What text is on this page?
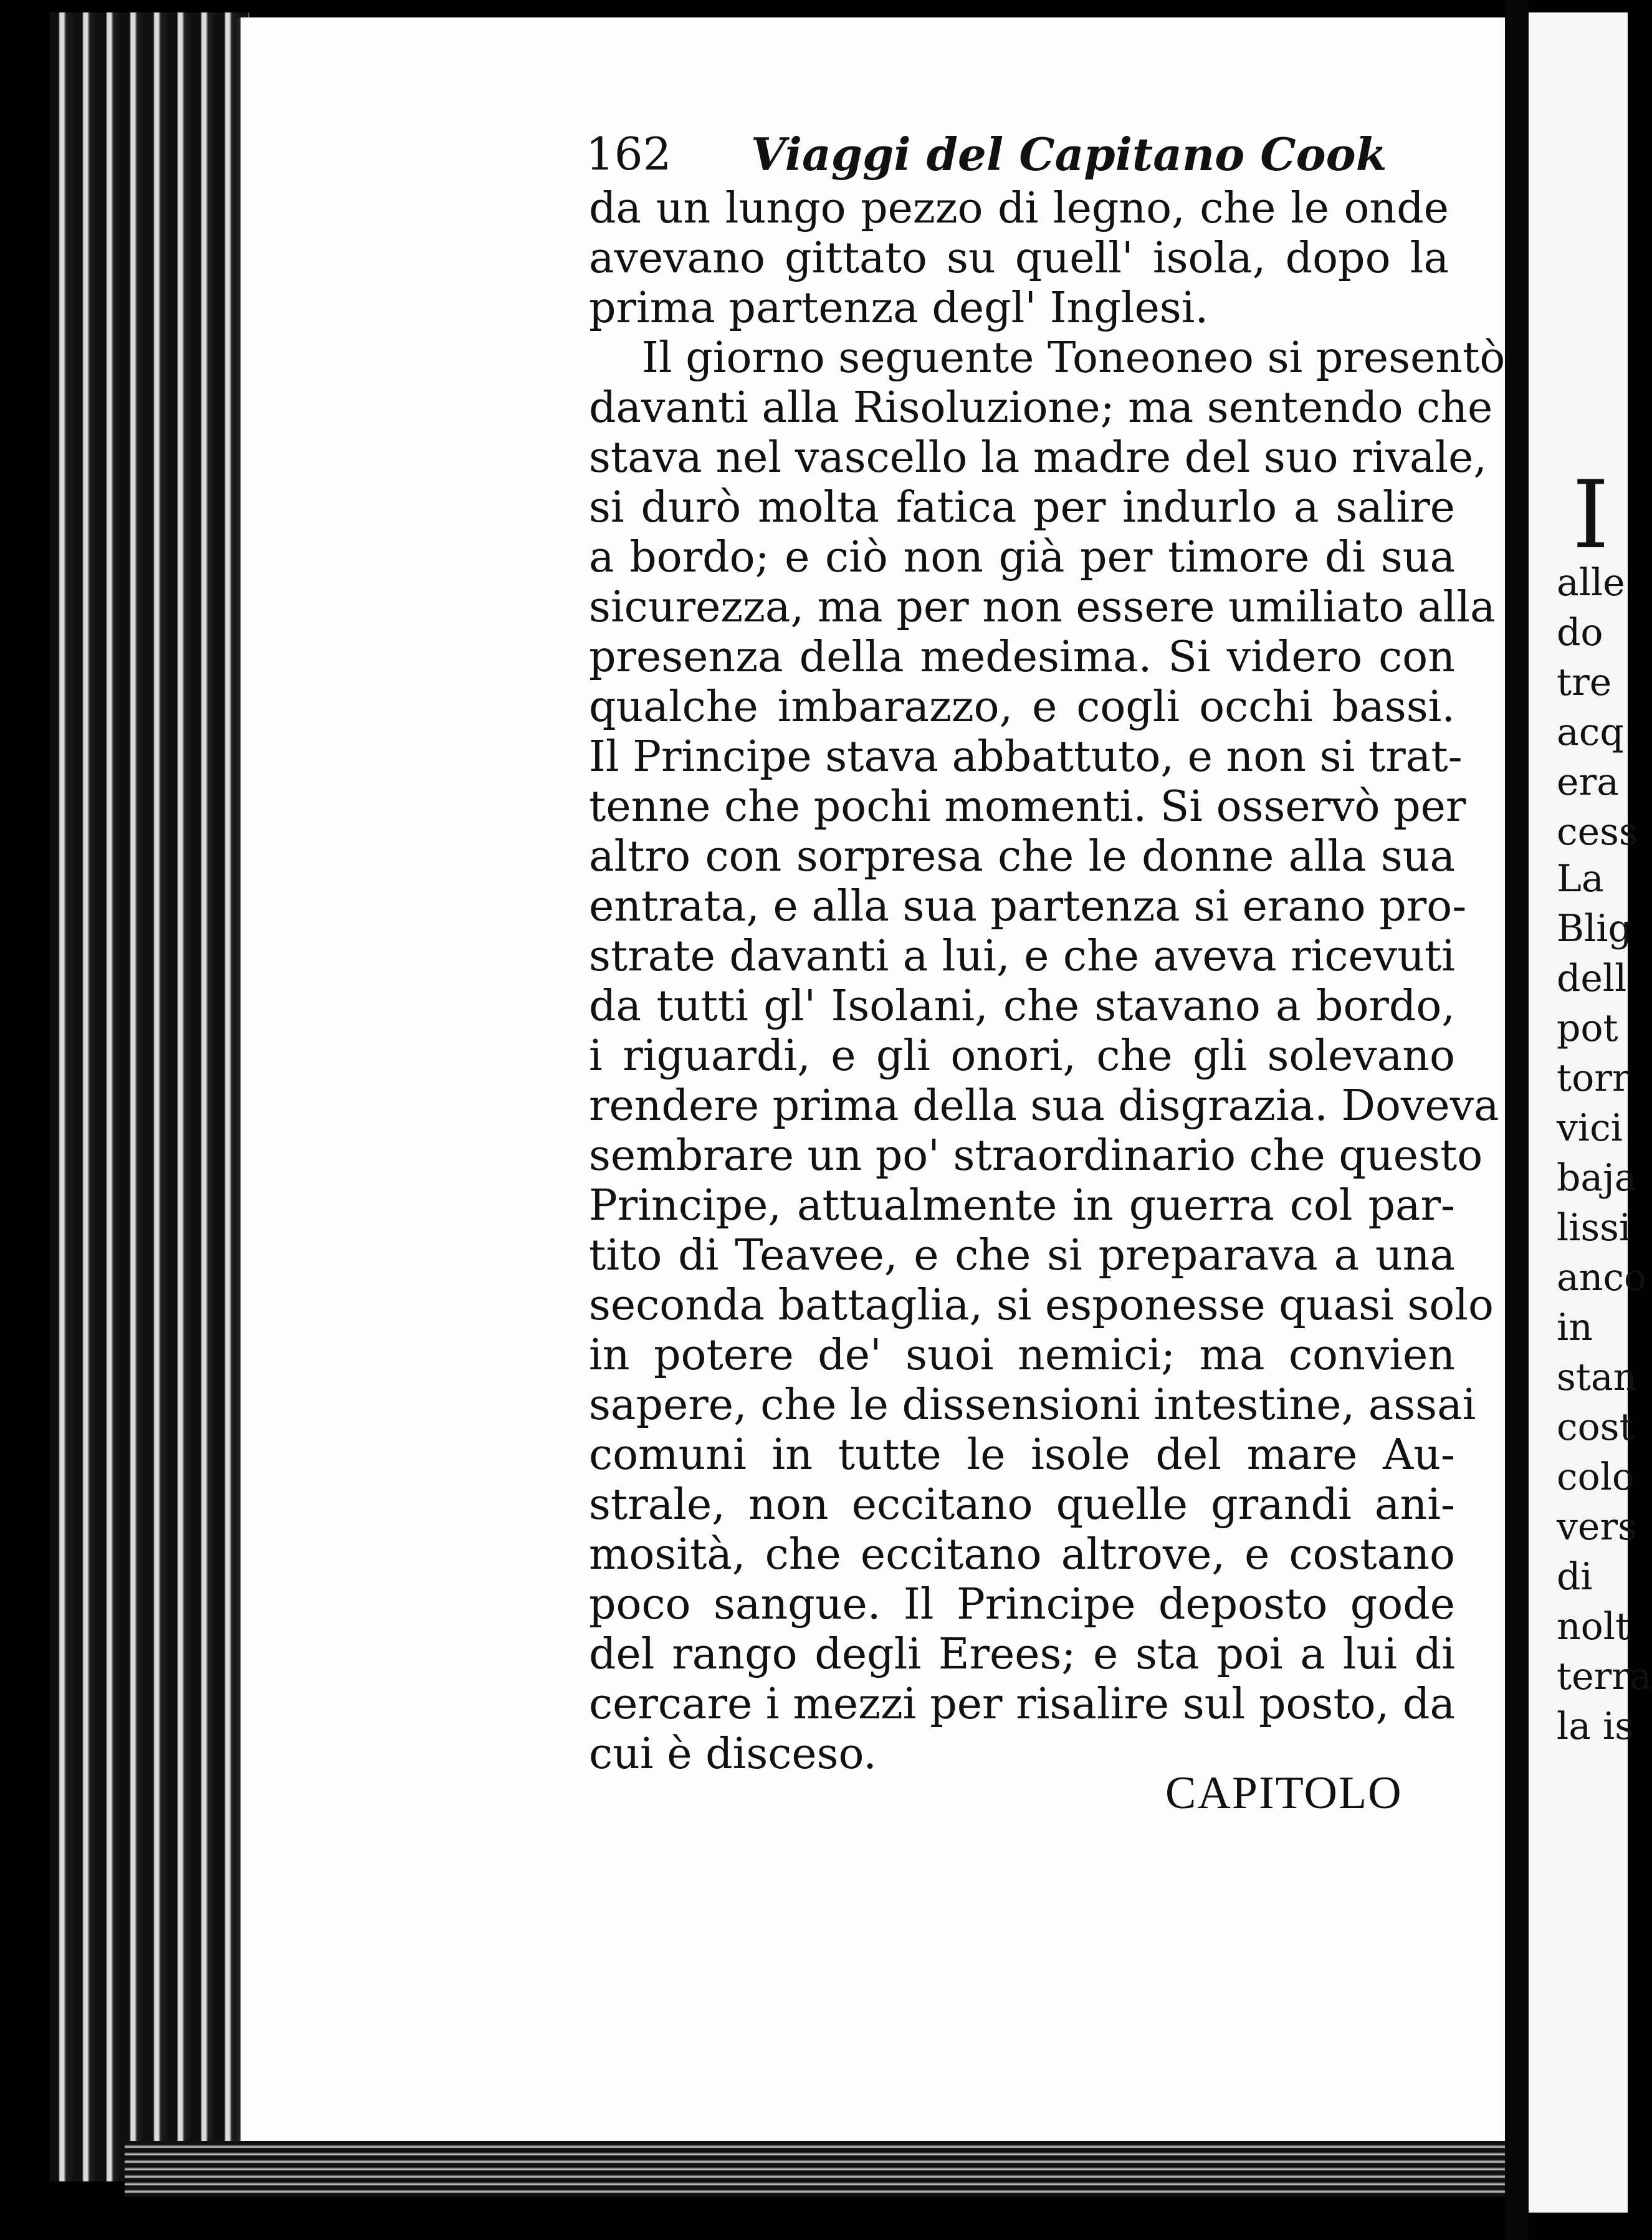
162 Viaggi del Capitano Cook
da un lungo pezzo di legno, che le onde
avevano gittato su quell' isola, dopo la
prima partenza degl' Inglesi.
Il giorno seguente Toneoneo si presentò
davanti alla Risoluzione; ma sentendo che
stava nel vascello la madre del suo rivale,
si durò molta fatica per indurlo a salire
a bordo; e ciò non già per timore di sua
sicurezza, ma per non essere umiliato alla
presenza della medesima. Si videro con
qualche imbarazzo, e cogli occhi bassi.
Il Principe stava abbattuto, e non si trat-
tenne che pochi momenti. Si osservò per
altro con sorpresa che le donne alla sua
entrata, e alla sua partenza si erano pro-
strate davanti a lui, e che aveva ricevuti
da tutti gl' Isolani, che stavano a bordo,
i riguardi, e gli onori, che gli solevano
rendere prima della sua disgrazia. Doveva
sembrare un po' straordinario che questo
Principe, attualmente in guerra col par-
tito di Teavee, e che si preparava a una
seconda battaglia, si esponesse quasi solo
in potere de' suoi nemici; ma convien
sapere, che le dissensioni intestine, assai
comuni in tutte le isole del mare Au-
strale, non eccitano quelle grandi ani-
mosità, che eccitano altrove, e costano
poco sangue. Il Principe deposto gode
del rango degli Erees; e sta poi a lui di
cercare i mezzi per risalire sul posto, da
cui è disceso.
CAPITOLO
I
alle
do
tre
acq
era
cess
La
Blig
dell
pot
torr
vici
baja
lissi
anco
in
stan
cost
colo
vers
di
nolt
terra
la is
